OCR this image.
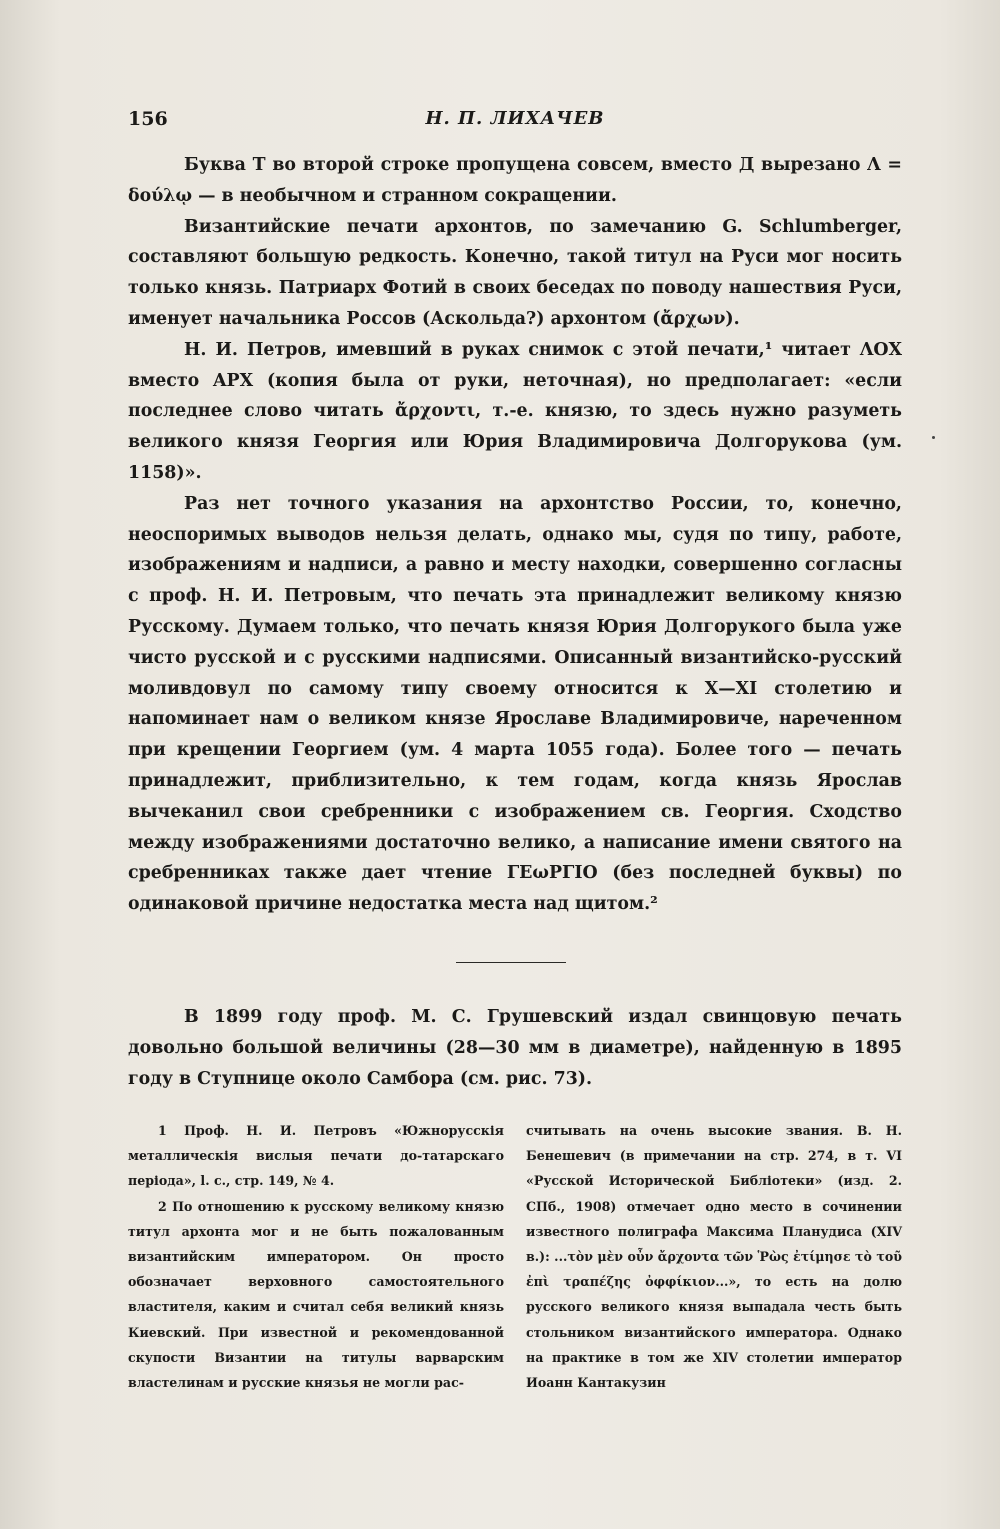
156	Н. П. ЛИХАЧЕВ

Буква Т во второй строке пропущена совсем, вместо Д вырезано Λ = δούλῳ — в необычном и странном сокращении.

Византийские печати архонтов, по замечанию G. Schlumberger, составляют большую редкость. Конечно, такой титул на Руси мог носить только князь. Патриарх Фотий в своих беседах по поводу нашествия Руси, именует начальника Россов (Аскольда?) архонтом (ἄρχων).

Н. И. Петров, имевший в руках снимок с этой печати,¹ читает ΛΟΧ вместо ΑΡΧ (копия была от руки, неточная), но предполагает: «если последнее слово читать ἄρχοντι, т.-е. князю, то здесь нужно разуметь великого князя Георгия или Юрия Владимировича Долгорукова (ум. 1158)».

Раз нет точного указания на архонтство России, то, конечно, неоспоримых выводов нельзя делать, однако мы, судя по типу, работе, изображениям и надписи, а равно и месту находки, совершенно согласны с проф. Н. И. Петровым, что печать эта принадлежит великому князю Русскому. Думаем только, что печать князя Юрия Долгорукого была уже чисто русской и с русскими надписями. Описанный византийско-русский моливдовул по самому типу своему относится к X—XI столетию и напоминает нам о великом князе Ярославе Владимировиче, нареченном при крещении Георгием (ум. 4 марта 1055 года). Более того — печать принадлежит, приблизительно, к тем годам, когда князь Ярослав вычеканил свои сребренники с изображением св. Георгия. Сходство между изображениями достаточно велико, а написание имени святого на сребренниках также дает чтение ΓΕωΡΓΙΟ (без последней буквы) по одинаковой причине недостатка места над щитом.²

В 1899 году проф. М. С. Грушевский издал свинцовую печать довольно большой величины (28—30 мм в диаметре), найденную в 1895 году в Ступнице около Самбора (см. рис. 73).

1 Проф. Н. И. Петровъ «Южнорусскія металлическія вислыя печати до-татарскаго періода», l. c., стр. 149, № 4.

2 По отношению к русскому великому князю титул архонта мог и не быть пожалованным византийским императором. Он просто обозначает верховного самостоятельного властителя, каким и считал себя великий князь Киевский. При известной и рекомендованной скупости Византии на титулы варварским властелинам и русские князья не могли рас-

считывать на очень высокие звания. В. Н. Бенешевич (в примечании на стр. 274, в т. VI «Русской Исторической Библіотеки» (изд. 2. СПб., 1908) отмечает одно место в сочинении известного полиграфа Максима Планудиса (XIV в.): ...τὸν μὲν οὖν ἄρχοντα τῶν Ῥὼς ἐτίμησε τὸ τοῦ ἐπὶ τραπέζης ὀφφίκιον...», то есть на долю русского великого князя выпадала честь быть стольником византийского императора. Однако на практике в том же XIV столетии император Иоанн Кантакузин
